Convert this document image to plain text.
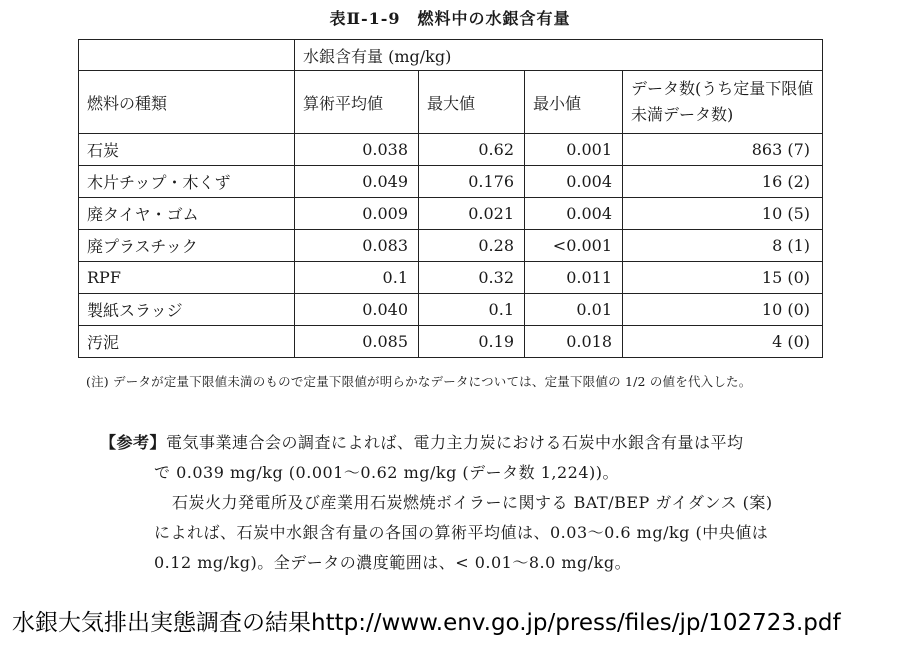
表Ⅱ-1-9　燃料中の水銀含有量
	水銀含有量 (mg/kg)			
燃料の種類	算術平均値	最大値	最小値	データ数(うち定量下限値未満データ数)
石炭	0.038	0.62	0.001	863 (7)
木片チップ・木くず	0.049	0.176	0.004	16 (2)
廃タイヤ・ゴム	0.009	0.021	0.004	10 (5)
廃プラスチック	0.083	0.28	<0.001	8 (1)
RPF	0.1	0.32	0.011	15 (0)
製紙スラッジ	0.040	0.1	0.01	10 (0)
汚泥	0.085	0.19	0.018	4 (0)
(注) データが定量下限値未満のもので定量下限値が明らかなデータについては、定量下限値の 1/2 の値を代入した。

【参考】電気事業連合会の調査によれば、電力主力炭における石炭中水銀含有量は平均

で 0.039 mg/kg (0.001～0.62 mg/kg (データ数 1,224))。

石炭火力発電所及び産業用石炭燃焼ボイラーに関する BAT/BEP ガイダンス (案)

によれば、石炭中水銀含有量の各国の算術平均値は、0.03～0.6 mg/kg (中央値は

0.12 mg/kg)。全データの濃度範囲は、< 0.01～8.0 mg/kg。

水銀大気排出実態調査の結果http://www.env.go.jp/press/files/jp/102723.pdf
